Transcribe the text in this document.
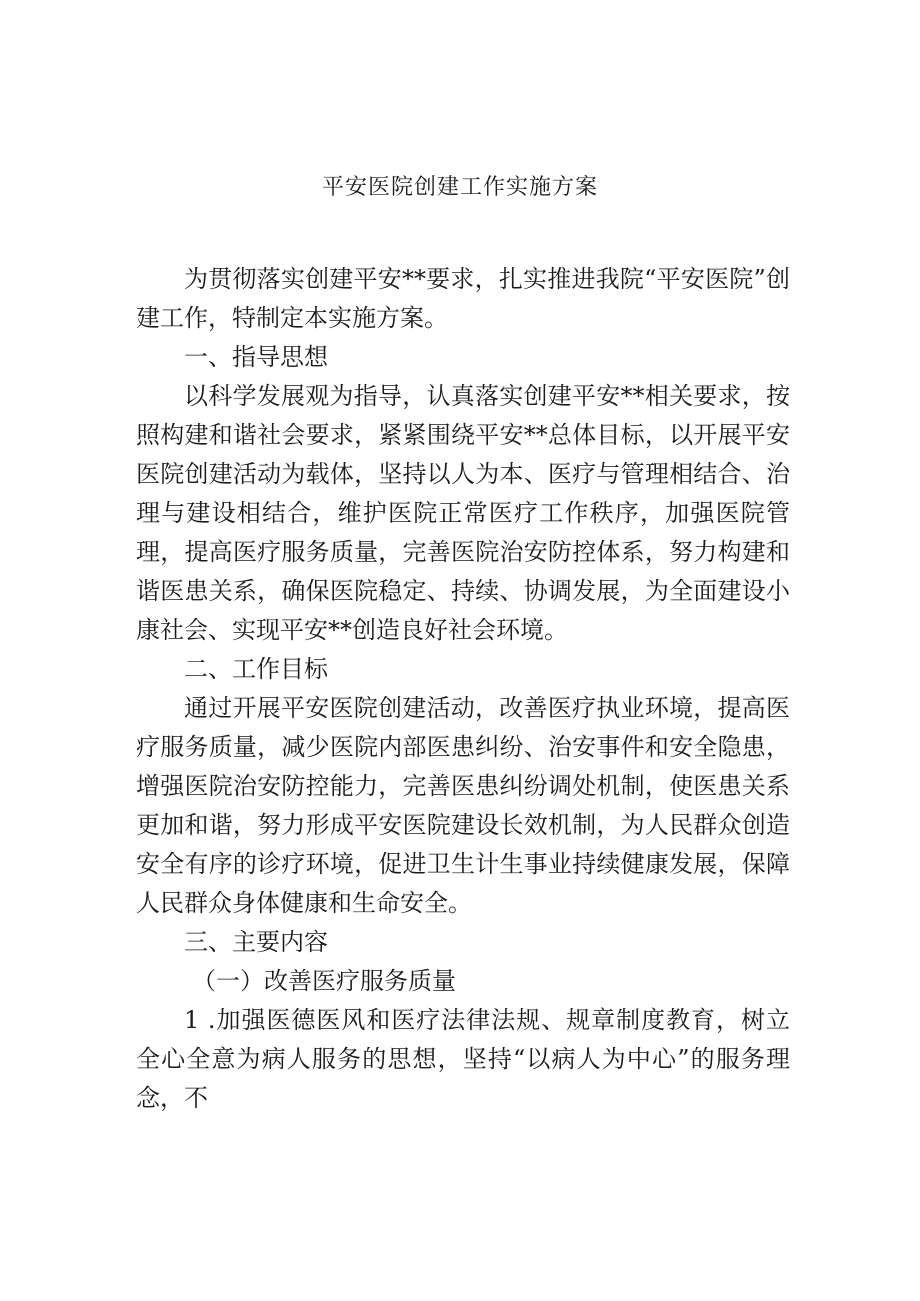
平安医院创建工作实施方案

为贯彻落实创建平安**要求，扎实推进我院“平安医院”创建工作，特制定本实施方案。

一、指导思想

以科学发展观为指导，认真落实创建平安**相关要求，按照构建和谐社会要求，紧紧围绕平安**总体目标，以开展平安医院创建活动为载体，坚持以人为本、医疗与管理相结合、治理与建设相结合，维护医院正常医疗工作秩序，加强医院管理，提高医疗服务质量，完善医院治安防控体系，努力构建和谐医患关系，确保医院稳定、持续、协调发展，为全面建设小康社会、实现平安**创造良好社会环境。

二、工作目标

通过开展平安医院创建活动，改善医疗执业环境，提高医疗服务质量，减少医院内部医患纠纷、治安事件和安全隐患，增强医院治安防控能力，完善医患纠纷调处机制，使医患关系更加和谐，努力形成平安医院建设长效机制，为人民群众创造安全有序的诊疗环境，促进卫生计生事业持续健康发展，保障人民群众身体健康和生命安全。

三、主要内容

（一）改善医疗服务质量

1 .加强医德医风和医疗法律法规、规章制度教育，树立全心全意为病人服务的思想，坚持“以病人为中心”的服务理念，不
